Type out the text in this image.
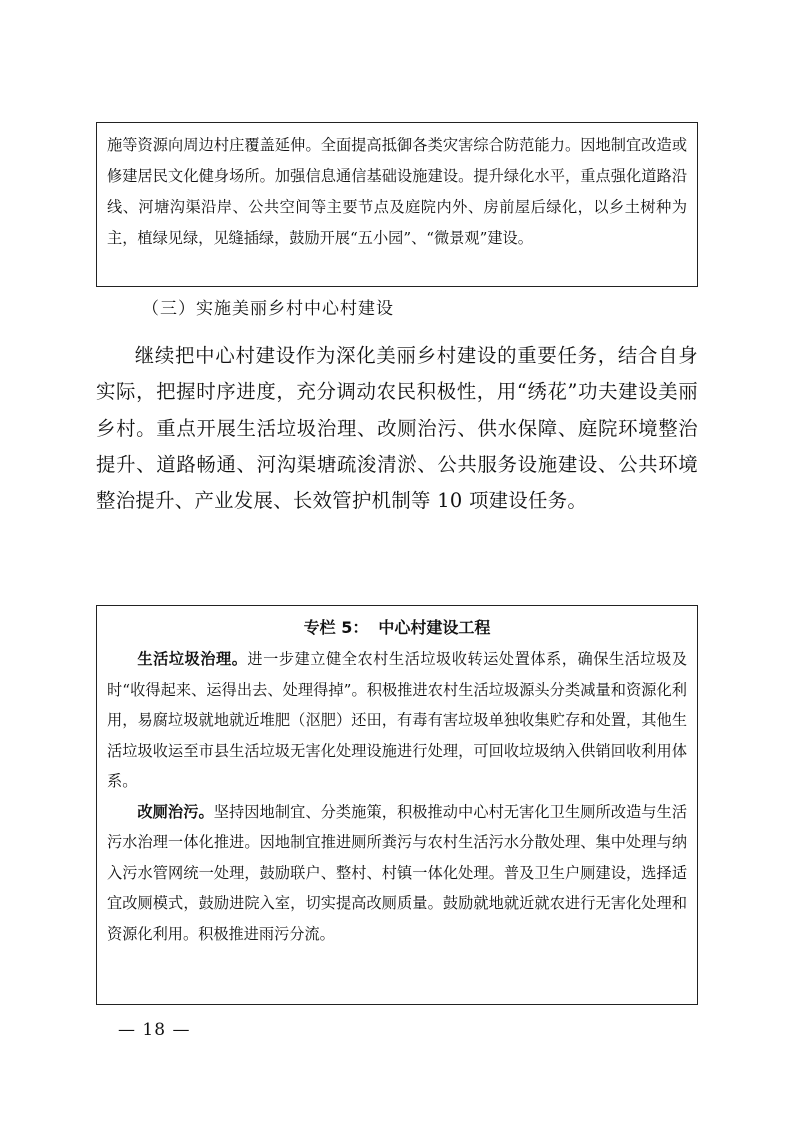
施等资源向周边村庄覆盖延伸。全面提高抵御各类灾害综合防范能力。因地制宜改造或修建居民文化健身场所。加强信息通信基础设施建设。提升绿化水平，重点强化道路沿线、河塘沟渠沿岸、公共空间等主要节点及庭院内外、房前屋后绿化，以乡土树种为主，植绿见绿，见缝插绿，鼓励开展“五小园”、“微景观”建设。

（三）实施美丽乡村中心村建设

继续把中心村建设作为深化美丽乡村建设的重要任务，结合自身实际，把握时序进度，充分调动农民积极性，用“绣花”功夫建设美丽乡村。重点开展生活垃圾治理、改厕治污、供水保障、庭院环境整治提升、道路畅通、河沟渠塘疏浚清淤、公共服务设施建设、公共环境整治提升、产业发展、长效管护机制等 10 项建设任务。

专栏 5： 中心村建设工程

生活垃圾治理。进一步建立健全农村生活垃圾收转运处置体系，确保生活垃圾及时“收得起来、运得出去、处理得掉”。积极推进农村生活垃圾源头分类减量和资源化利用，易腐垃圾就地就近堆肥（沤肥）还田，有毒有害垃圾单独收集贮存和处置，其他生活垃圾收运至市县生活垃圾无害化处理设施进行处理，可回收垃圾纳入供销回收利用体系。

改厕治污。坚持因地制宜、分类施策，积极推动中心村无害化卫生厕所改造与生活污水治理一体化推进。因地制宜推进厕所粪污与农村生活污水分散处理、集中处理与纳入污水管网统一处理，鼓励联户、整村、村镇一体化处理。普及卫生户厕建设，选择适宜改厕模式，鼓励进院入室，切实提高改厕质量。鼓励就地就近就农进行无害化处理和资源化利用。积极推进雨污分流。

— 18 —
